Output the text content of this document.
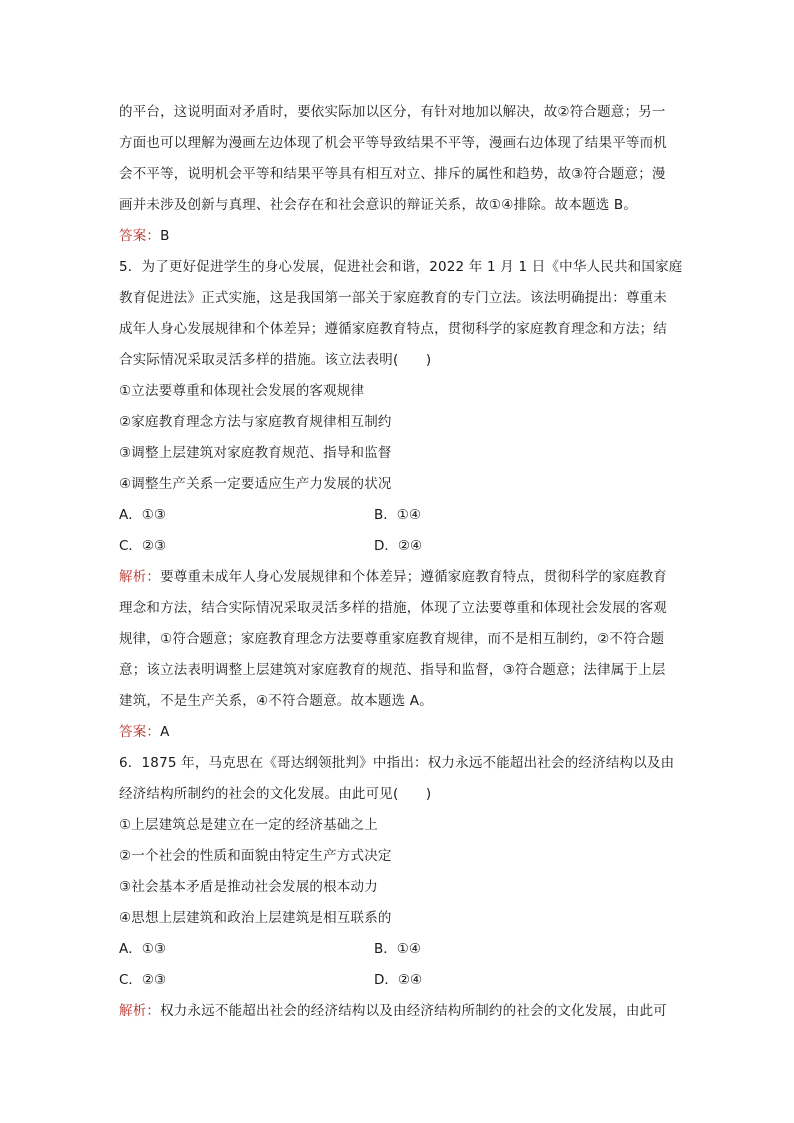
的平台，这说明面对矛盾时，要依实际加以区分，有针对地加以解决，故②符合题意；另一
方面也可以理解为漫画左边体现了机会平等导致结果不平等，漫画右边体现了结果平等而机
会不平等，说明机会平等和结果平等具有相互对立、排斥的属性和趋势，故③符合题意；漫
画并未涉及创新与真理、社会存在和社会意识的辩证关系，故①④排除。故本题选 B。
答案：B
5．为了更好促进学生的身心发展，促进社会和谐，2022 年 1 月 1 日《中华人民共和国家庭
教育促进法》正式实施，这是我国第一部关于家庭教育的专门立法。该法明确提出：尊重未
成年人身心发展规律和个体差异；遵循家庭教育特点，贯彻科学的家庭教育理念和方法；结
合实际情况采取灵活多样的措施。该立法表明(　　)
①立法要尊重和体现社会发展的客观规律
②家庭教育理念方法与家庭教育规律相互制约
③调整上层建筑对家庭教育规范、指导和监督
④调整生产关系一定要适应生产力发展的状况
A．①③	B．①④
C．②③	D．②④
解析：要尊重未成年人身心发展规律和个体差异；遵循家庭教育特点，贯彻科学的家庭教育
理念和方法，结合实际情况采取灵活多样的措施，体现了立法要尊重和体现社会发展的客观
规律，①符合题意；家庭教育理念方法要尊重家庭教育规律，而不是相互制约，②不符合题
意；该立法表明调整上层建筑对家庭教育的规范、指导和监督，③符合题意；法律属于上层
建筑，不是生产关系，④不符合题意。故本题选 A。
答案：A
6．1875 年，马克思在《哥达纲领批判》中指出：权力永远不能超出社会的经济结构以及由
经济结构所制约的社会的文化发展。由此可见(　　)
①上层建筑总是建立在一定的经济基础之上
②一个社会的性质和面貌由特定生产方式决定
③社会基本矛盾是推动社会发展的根本动力
④思想上层建筑和政治上层建筑是相互联系的
A．①③	B．①④
C．②③	D．②④
解析：权力永远不能超出社会的经济结构以及由经济结构所制约的社会的文化发展，由此可
